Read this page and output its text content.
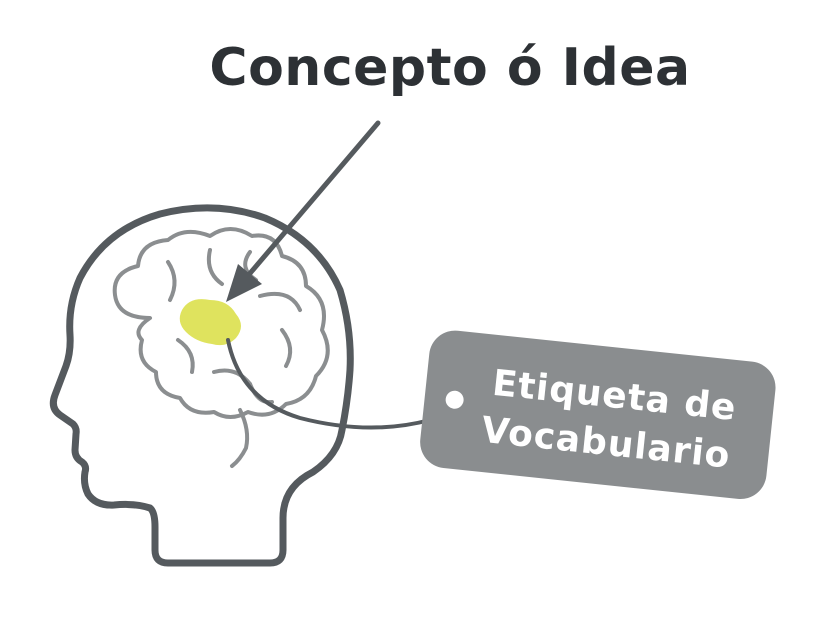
Concepto ó Idea
Etiqueta de
Vocabulario
